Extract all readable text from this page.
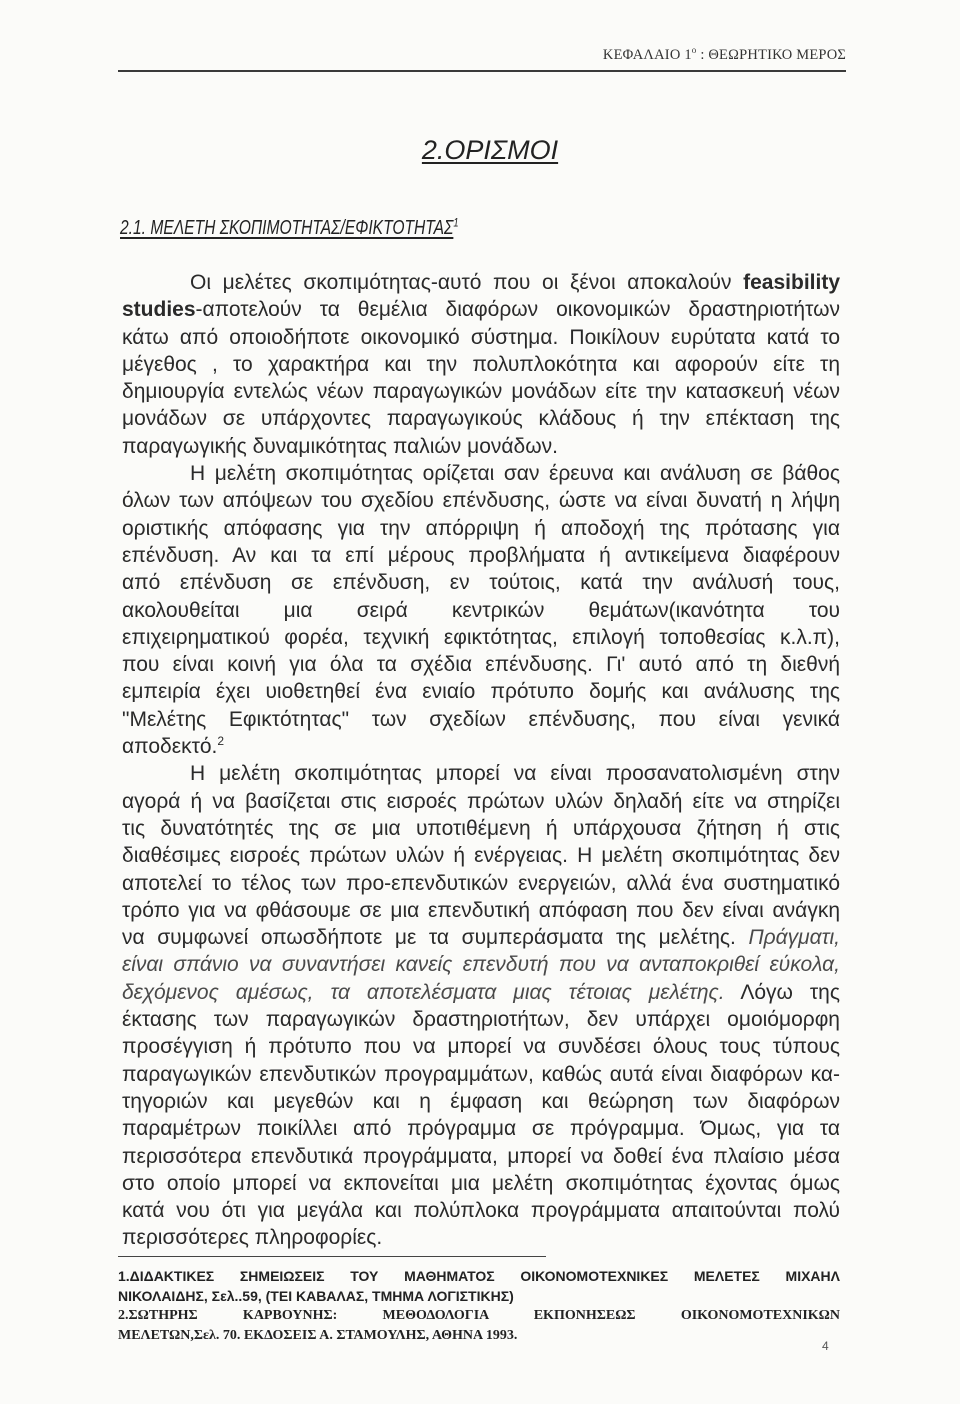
ΚΕΦΑΛΑΙΟ $1^o$ : ΘΕΩΡΗΤΙΚΟ ΜΕΡΟΣ
2.ΟΡΙΣΜΟΙ
2.1. ΜΕΛΕΤΗ ΣΚΟΠΙΜΟΤΗΤΑΣ/ΕΦΙΚΤΟΤΗΤΑΣ$^1$
Οι μελέτες σκοπιμότητας-αυτό που οι ξένοι αποκαλούν feasibility
studies-αποτελούν τα θεμέλια διαφόρων οικονομικών δραστηριοτήτων
κάτω από οποιοδήποτε οικονομικό σύστημα. Ποικίλουν ευρύτατα κατά το
μέγεθος , το χαρακτήρα και την πολυπλοκότητα και αφορούν είτε τη
δημιουργία εντελώς νέων παραγωγικών μονάδων είτε την κατασκευή νέων
μονάδων σε υπάρχοντες παραγωγικούς κλάδους ή την επέκταση της
παραγωγικής δυναμικότητας παλιών μονάδων.
Η μελέτη σκοπιμότητας ορίζεται σαν έρευνα και ανάλυση σε βάθος
όλων των απόψεων του σχεδίου επένδυσης, ώστε να είναι δυνατή η λήψη
οριστικής απόφασης για την απόρριψη ή αποδοχή της πρότασης για
επένδυση. Αν και τα επί μέρους προβλήματα ή αντικείμενα διαφέρουν
από επένδυση σε επένδυση, εν τούτοις, κατά την ανάλυσή τους,
ακολουθείται μια σειρά κεντρικών θεμάτων(ικανότητα του
επιχειρηματικού φορέα, τεχνική εφικτότητας, επιλογή τοποθεσίας κ.λ.π),
που είναι κοινή για όλα τα σχέδια επένδυσης. Γι' αυτό από τη διεθνή
εμπειρία έχει υιοθετηθεί ένα ενιαίο πρότυπο δομής και ανάλυσης της
"Μελέτης Εφικτότητας" των σχεδίων επένδυσης, που είναι γενικά
αποδεκτό.$^2$
Η μελέτη σκοπιμότητας μπορεί να είναι προσανατολισμένη στην
αγορά ή να βασίζεται στις εισροές πρώτων υλών δηλαδή είτε να στηρίζει
τις δυνατότητές της σε μια υποτιθέμενη ή υπάρχουσα ζήτηση ή στις
διαθέσιμες εισροές πρώτων υλών ή ενέργειας. Η μελέτη σκοπιμότητας δεν
αποτελεί το τέλος των προ-επενδυτικών ενεργειών, αλλά ένα συστηματικό
τρόπο για να φθάσουμε σε μια επενδυτική απόφαση που δεν είναι ανάγκη
να συμφωνεί οπωσδήποτε με τα συμπεράσματα της μελέτης. Πράγματι,
είναι σπάνιο να συναντήσει κανείς επενδυτή που να ανταποκριθεί εύκολα,
δεχόμενος αμέσως, τα αποτελέσματα μιας τέτοιας μελέτης. Λόγω της
έκτασης των παραγωγικών δραστηριοτήτων, δεν υπάρχει ομοιόμορφη
προσέγγιση ή πρότυπο που να μπορεί να συνδέσει όλους τους τύπους
παραγωγικών επενδυτικών προγραμμάτων, καθώς αυτά είναι διαφόρων κα-
τηγοριών και μεγεθών και η έμφαση και θεώρηση των διαφόρων
παραμέτρων ποικίλλει από πρόγραμμα σε πρόγραμμα. Όμως, για τα
περισσότερα επενδυτικά προγράμματα, μπορεί να δοθεί ένα πλαίσιο μέσα
στο οποίο μπορεί να εκπονείται μια μελέτη σκοπιμότητας έχοντας όμως
κατά νου ότι για μεγάλα και πολύπλοκα προγράμματα απαιτούνται πολύ
περισσότερες πληροφορίες.
1.ΔΙΔΑΚΤΙΚΕΣ ΣΗΜΕΙΩΣΕΙΣ ΤΟΥ ΜΑΘΗΜΑΤΟΣ ΟΙΚΟΝΟΜΟΤΕΧΝΙΚΕΣ ΜΕΛΕΤΕΣ ΜΙΧΑΗΛ
ΝΙΚΟΛΑΙΔΗΣ, Σελ..59, (ΤΕΙ ΚΑΒΑΛΑΣ, ΤΜΗΜΑ ΛΟΓΙΣΤΙΚΗΣ)
2.ΣΩΤΗΡΗΣ ΚΑΡΒΟΥΝΗΣ: ΜΕΘΟΔΟΛΟΓΙΑ ΕΚΠΟΝΗΣΕΩΣ ΟΙΚΟΝΟΜΟΤΕΧΝΙΚΩΝ
ΜΕΛΕΤΩΝ,Σελ. 70. ΕΚΔΟΣΕΙΣ Α. ΣΤΑΜΟΥΛΗΣ, ΑΘΗΝΑ 1993.
4
